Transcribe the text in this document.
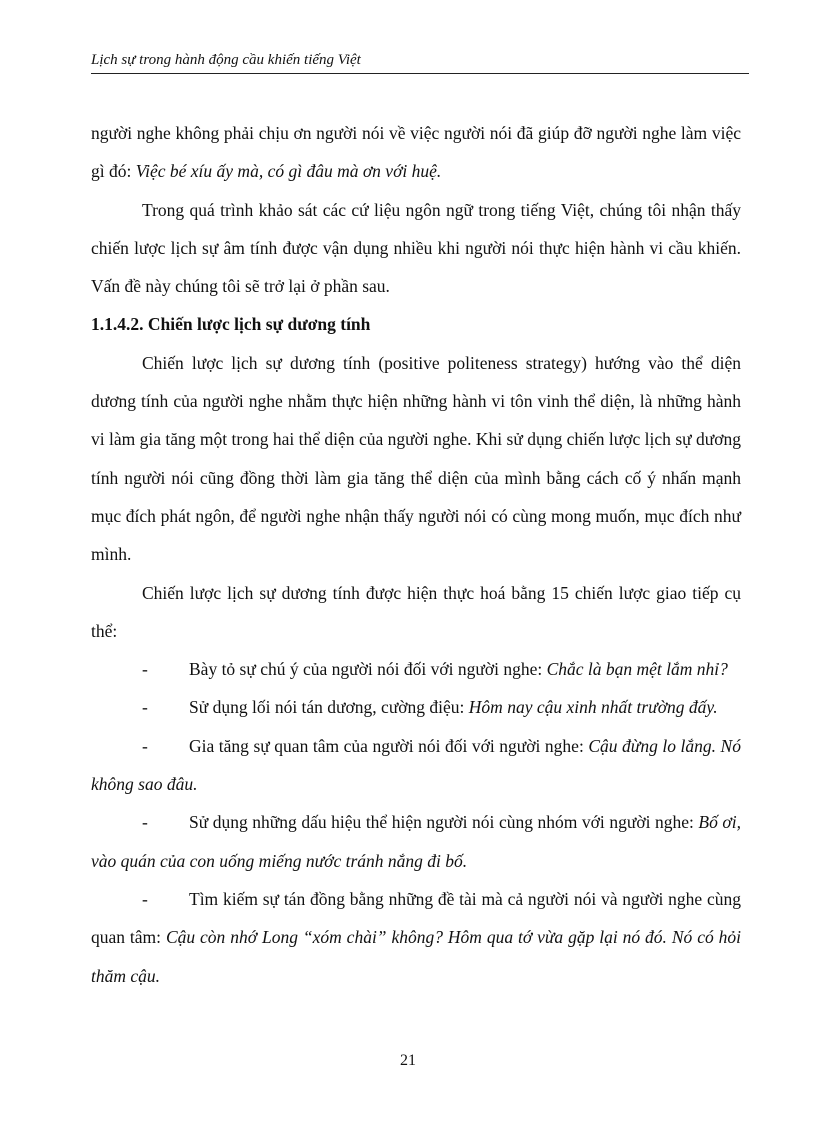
Lịch sự trong hành động cầu khiến tiếng Việt

người nghe không phải chịu ơn người nói về việc người nói đã giúp đỡ người nghe làm việc gì đó: Việc bé xíu ấy mà, có gì đâu mà ơn với huệ.

Trong quá trình khảo sát các cứ liệu ngôn ngữ trong tiếng Việt, chúng tôi nhận thấy chiến lược lịch sự âm tính được vận dụng nhiều khi người nói thực hiện hành vi cầu khiến. Vấn đề này chúng tôi sẽ trở lại ở phần sau.

1.1.4.2. Chiến lược lịch sự dương tính

Chiến lược lịch sự dương tính (positive politeness strategy) hướng vào thể diện dương tính của người nghe nhằm thực hiện những hành vi tôn vinh thể diện, là những hành vi làm gia tăng một trong hai thể diện của người nghe. Khi sử dụng chiến lược lịch sự dương tính người nói cũng đồng thời làm gia tăng thể diện của mình bằng cách cố ý nhấn mạnh mục đích phát ngôn, để người nghe nhận thấy người nói có cùng mong muốn, mục đích như mình.

Chiến lược lịch sự dương tính được hiện thực hoá bằng 15 chiến lược giao tiếp cụ thể:

- Bày tỏ sự chú ý của người nói đối với người nghe: Chắc là bạn mệt lắm nhỉ?

- Sử dụng lối nói tán dương, cường điệu: Hôm nay cậu xinh nhất trường đấy.

- Gia tăng sự quan tâm của người nói đối với người nghe: Cậu đừng lo lắng. Nó không sao đâu.

- Sử dụng những dấu hiệu thể hiện người nói cùng nhóm với người nghe: Bố ơi, vào quán của con uống miếng nước tránh nắng đi bố.

- Tìm kiếm sự tán đồng bằng những đề tài mà cả người nói và người nghe cùng quan tâm: Cậu còn nhớ Long “xóm chài” không? Hôm qua tớ vừa gặp lại nó đó. Nó có hỏi thăm cậu.

21
